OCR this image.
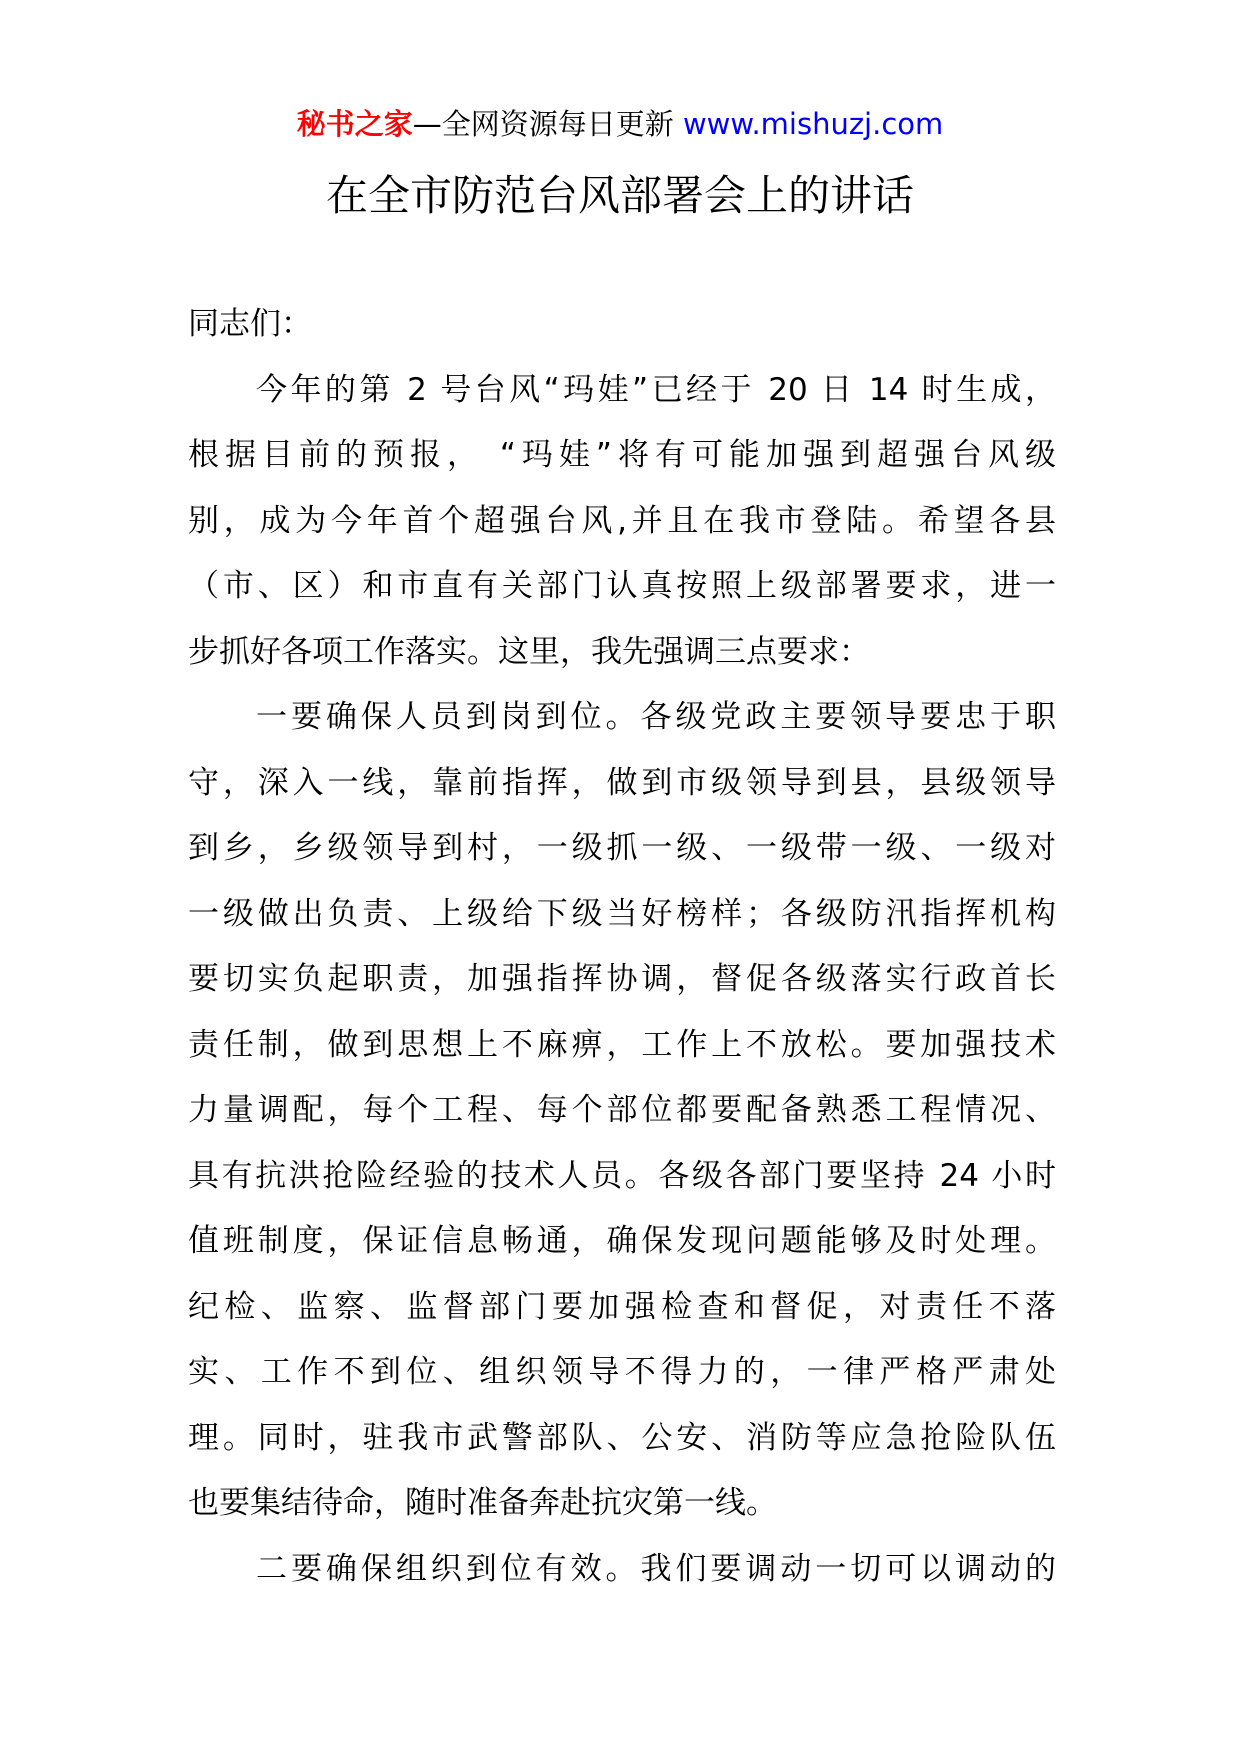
秘书之家—全网资源每日更新 www.mishuzj.com
在全市防范台风部署会上的讲话
同志们：
今年的第 2 号台风“玛娃”已经于 20 日 14 时生成，
根据目前的预报， “玛娃”将有可能加强到超强台风级
别，成为今年首个超强台风,并且在我市登陆。希望各县
（市、区）和市直有关部门认真按照上级部署要求，进一
步抓好各项工作落实。这里，我先强调三点要求：
一要确保人员到岗到位。各级党政主要领导要忠于职
守，深入一线，靠前指挥，做到市级领导到县，县级领导
到乡，乡级领导到村，一级抓一级、一级带一级、一级对
一级做出负责、上级给下级当好榜样；各级防汛指挥机构
要切实负起职责，加强指挥协调，督促各级落实行政首长
责任制，做到思想上不麻痹，工作上不放松。要加强技术
力量调配，每个工程、每个部位都要配备熟悉工程情况、
具有抗洪抢险经验的技术人员。各级各部门要坚持 24 小时
值班制度，保证信息畅通，确保发现问题能够及时处理。
纪检、监察、监督部门要加强检查和督促，对责任不落
实、工作不到位、组织领导不得力的，一律严格严肃处
理。同时，驻我市武警部队、公安、消防等应急抢险队伍
也要集结待命，随时准备奔赴抗灾第一线。
二要确保组织到位有效。我们要调动一切可以调动的
